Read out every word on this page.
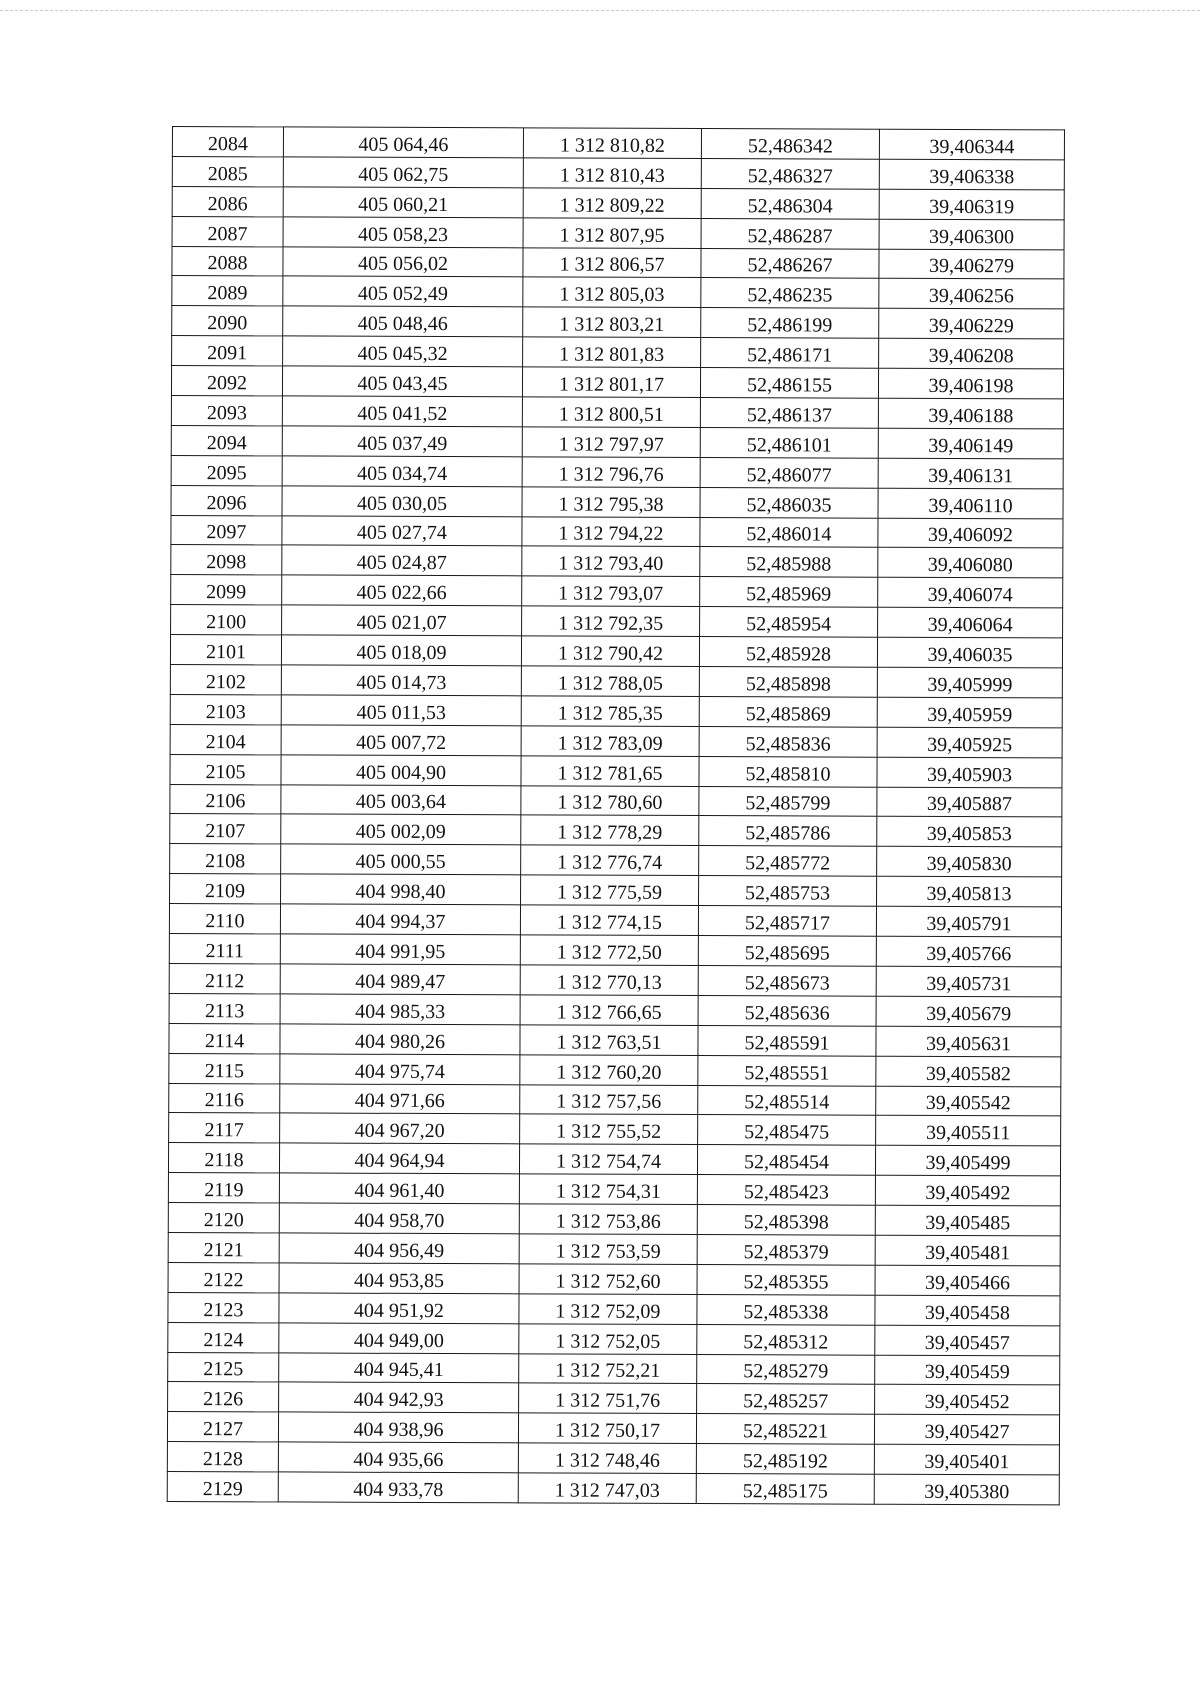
2084	405 064,46	1 312 810,82	52,486342	39,406344
2085	405 062,75	1 312 810,43	52,486327	39,406338
2086	405 060,21	1 312 809,22	52,486304	39,406319
2087	405 058,23	1 312 807,95	52,486287	39,406300
2088	405 056,02	1 312 806,57	52,486267	39,406279
2089	405 052,49	1 312 805,03	52,486235	39,406256
2090	405 048,46	1 312 803,21	52,486199	39,406229
2091	405 045,32	1 312 801,83	52,486171	39,406208
2092	405 043,45	1 312 801,17	52,486155	39,406198
2093	405 041,52	1 312 800,51	52,486137	39,406188
2094	405 037,49	1 312 797,97	52,486101	39,406149
2095	405 034,74	1 312 796,76	52,486077	39,406131
2096	405 030,05	1 312 795,38	52,486035	39,406110
2097	405 027,74	1 312 794,22	52,486014	39,406092
2098	405 024,87	1 312 793,40	52,485988	39,406080
2099	405 022,66	1 312 793,07	52,485969	39,406074
2100	405 021,07	1 312 792,35	52,485954	39,406064
2101	405 018,09	1 312 790,42	52,485928	39,406035
2102	405 014,73	1 312 788,05	52,485898	39,405999
2103	405 011,53	1 312 785,35	52,485869	39,405959
2104	405 007,72	1 312 783,09	52,485836	39,405925
2105	405 004,90	1 312 781,65	52,485810	39,405903
2106	405 003,64	1 312 780,60	52,485799	39,405887
2107	405 002,09	1 312 778,29	52,485786	39,405853
2108	405 000,55	1 312 776,74	52,485772	39,405830
2109	404 998,40	1 312 775,59	52,485753	39,405813
2110	404 994,37	1 312 774,15	52,485717	39,405791
2111	404 991,95	1 312 772,50	52,485695	39,405766
2112	404 989,47	1 312 770,13	52,485673	39,405731
2113	404 985,33	1 312 766,65	52,485636	39,405679
2114	404 980,26	1 312 763,51	52,485591	39,405631
2115	404 975,74	1 312 760,20	52,485551	39,405582
2116	404 971,66	1 312 757,56	52,485514	39,405542
2117	404 967,20	1 312 755,52	52,485475	39,405511
2118	404 964,94	1 312 754,74	52,485454	39,405499
2119	404 961,40	1 312 754,31	52,485423	39,405492
2120	404 958,70	1 312 753,86	52,485398	39,405485
2121	404 956,49	1 312 753,59	52,485379	39,405481
2122	404 953,85	1 312 752,60	52,485355	39,405466
2123	404 951,92	1 312 752,09	52,485338	39,405458
2124	404 949,00	1 312 752,05	52,485312	39,405457
2125	404 945,41	1 312 752,21	52,485279	39,405459
2126	404 942,93	1 312 751,76	52,485257	39,405452
2127	404 938,96	1 312 750,17	52,485221	39,405427
2128	404 935,66	1 312 748,46	52,485192	39,405401
2129	404 933,78	1 312 747,03	52,485175	39,405380
